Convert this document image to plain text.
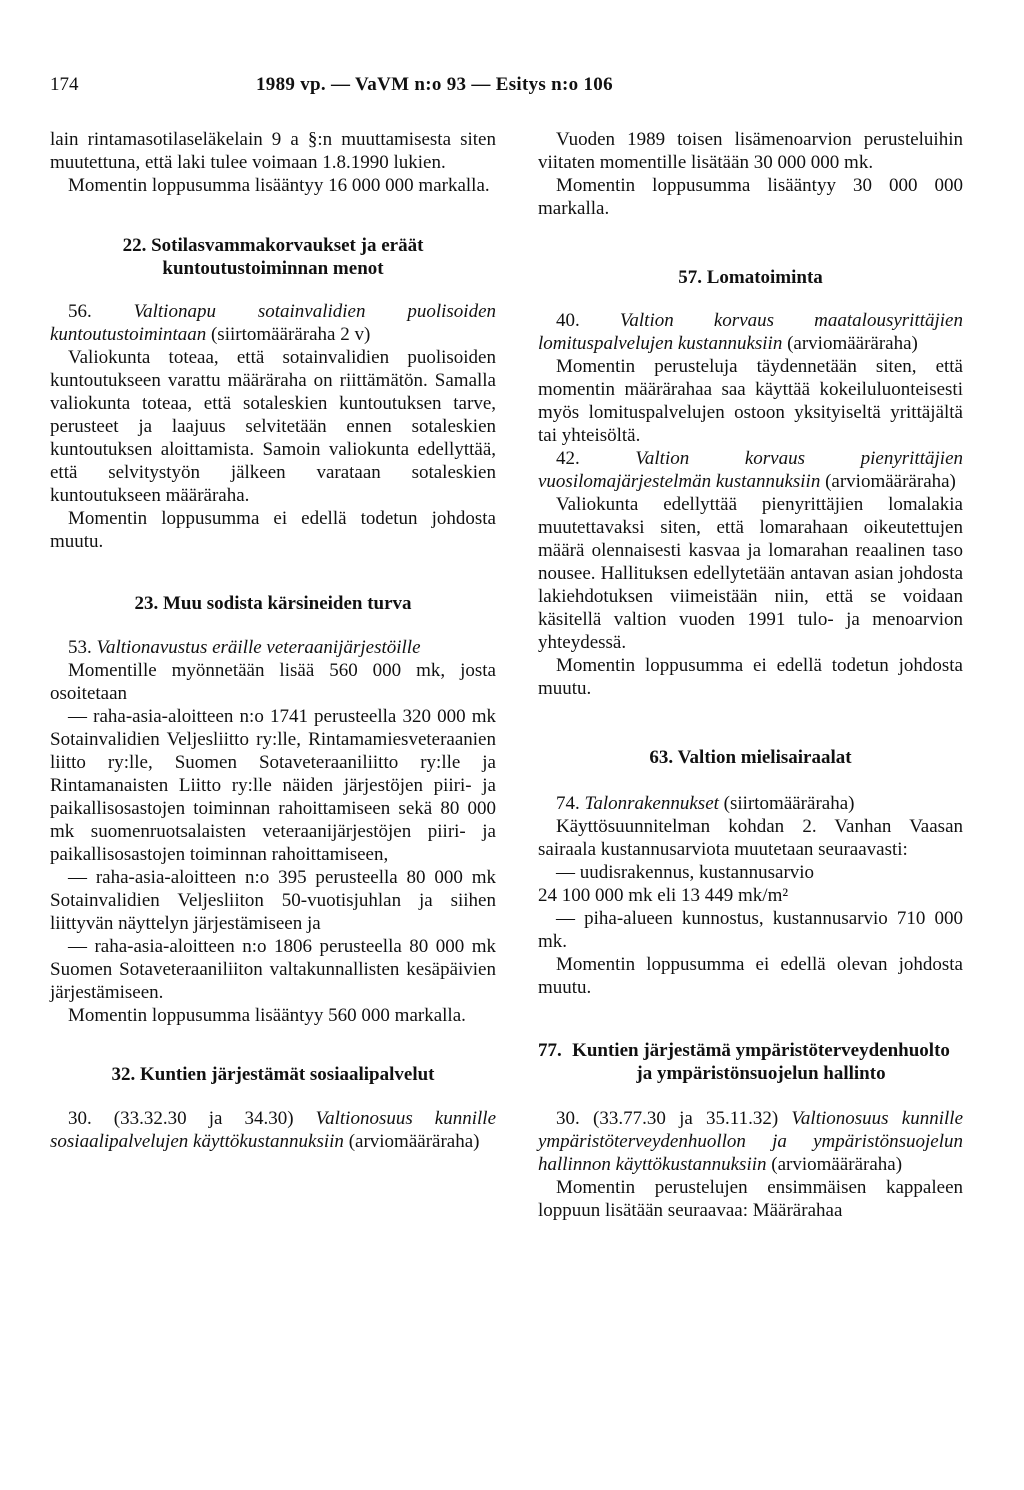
174	1989 vp. — VaVM n:o 93 — Esitys n:o 106

lain rintamasotilaseläkelain 9 a §:n muuttamisesta siten muutettuna, että laki tulee voimaan 1.8.1990 lukien.

Momentin loppusumma lisääntyy 16 000 000 markalla.

22. Sotilasvammakorvaukset ja eräät kuntoutustoiminnan menot

56. Valtionapu sotainvalidien puolisoiden kuntoutustoimintaan (siirtomääräraha 2 v)

Valiokunta toteaa, että sotainvalidien puolisoiden kuntoutukseen varattu määräraha on riittämätön. Samalla valiokunta toteaa, että sotaleskien kuntoutuksen tarve, perusteet ja laajuus selvitetään ennen sotaleskien kuntoutuksen aloittamista. Samoin valiokunta edellyttää, että selvitystyön jälkeen varataan sotaleskien kuntoutukseen määräraha.

Momentin loppusumma ei edellä todetun johdosta muutu.

23. Muu sodista kärsineiden turva

53. Valtionavustus eräille veteraanijärjestöille

Momentille myönnetään lisää 560 000 mk, josta osoitetaan

— raha-asia-aloitteen n:o 1741 perusteella 320 000 mk Sotainvalidien Veljesliitto ry:lle, Rintamamiesveteraanien liitto ry:lle, Suomen Sotaveteraaniliitto ry:lle ja Rintamanaisten Liitto ry:lle näiden järjestöjen piiri- ja paikallisosastojen toiminnan rahoittamiseen sekä 80 000 mk suomenruotsalaisten veteraanijärjestöjen piiri- ja paikallisosastojen toiminnan rahoittamiseen,

— raha-asia-aloitteen n:o 395 perusteella 80 000 mk Sotainvalidien Veljesliiton 50-vuotisjuhlan ja siihen liittyvän näyttelyn järjestämiseen ja

— raha-asia-aloitteen n:o 1806 perusteella 80 000 mk Suomen Sotaveteraaniliiton valtakunnallisten kesäpäivien järjestämiseen.

Momentin loppusumma lisääntyy 560 000 markalla.

32. Kuntien järjestämät sosiaalipalvelut

30. (33.32.30 ja 34.30) Valtionosuus kunnille sosiaalipalvelujen käyttökustannuksiin (arviomääräraha)

Vuoden 1989 toisen lisämenoarvion perusteluihin viitaten momentille lisätään 30 000 000 mk.

Momentin loppusumma lisääntyy 30 000 000 markalla.

57. Lomatoiminta

40. Valtion korvaus maatalousyrittäjien lomituspalvelujen kustannuksiin (arviomääräraha)

Momentin perusteluja täydennetään siten, että momentin määrärahaa saa käyttää kokeiluluonteisesti myös lomituspalvelujen ostoon yksityiseltä yrittäjältä tai yhteisöltä.

42.	Valtion korvaus pienyrittäjien vuosilomajärjestelmän kustannuksiin (arviomääräraha)

Valiokunta edellyttää pienyrittäjien lomalakia muutettavaksi siten, että lomarahaan oikeutettujen määrä olennaisesti kasvaa ja lomarahan reaalinen taso nousee. Hallituksen edellytetään antavan asian johdosta lakiehdotuksen viimeistään niin, että se voidaan käsitellä valtion vuoden 1991 tulo- ja menoarvion yhteydessä.

Momentin loppusumma ei edellä todetun johdosta muutu.

63. Valtion mielisairaalat

74. Talonrakennukset (siirtomääräraha)

Käyttösuunnitelman kohdan 2. Vanhan Vaasan sairaala kustannusarviota muutetaan seuraavasti:

— uudisrakennus, kustannusarvio

24 100 000 mk eli 13 449 mk/m²

— piha-alueen kunnostus, kustannusarvio 710 000 mk.

Momentin loppusumma ei edellä olevan johdosta muutu.

77. Kuntien järjestämä ympäristöterveydenhuolto ja ympäristönsuojelun hallinto

30. (33.77.30 ja 35.11.32) Valtionosuus kunnille ympäristöterveydenhuollon ja ympäristönsuojelun hallinnon käyttökustannuksiin (arviomääräraha)

Momentin perustelujen ensimmäisen kappaleen loppuun lisätään seuraavaa: Määrärahaa
